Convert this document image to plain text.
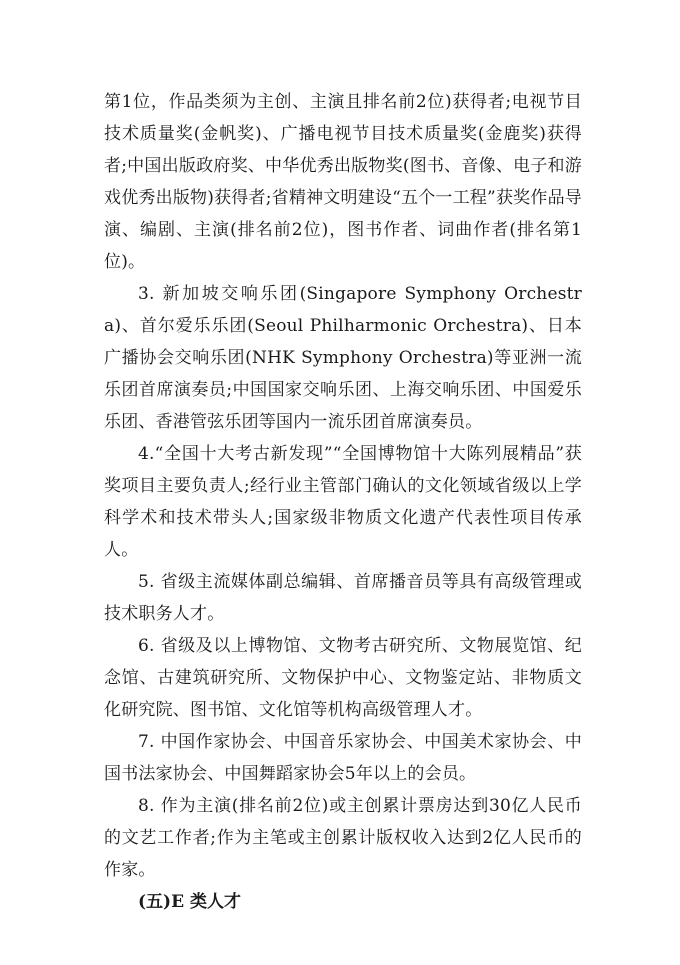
第1位，作品类须为主创、主演且排名前2位)获得者;电视节目技术质量奖(金帆奖)、广播电视节目技术质量奖(金鹿奖)获得者;中国出版政府奖、中华优秀出版物奖(图书、音像、电子和游戏优秀出版物)获得者;省精神文明建设“五个一工程”获奖作品导演、编剧、主演(排名前2位)，图书作者、词曲作者(排名第1位)。

3. 新加坡交响乐团(Singapore Symphony Orchestra)、首尔爱乐乐团(Seoul Philharmonic Orchestra)、日本广播协会交响乐团(NHK Symphony Orchestra)等亚洲一流乐团首席演奏员;中国国家交响乐团、上海交响乐团、中国爱乐乐团、香港管弦乐团等国内一流乐团首席演奏员。

4.“全国十大考古新发现”“全国博物馆十大陈列展精品”获奖项目主要负责人;经行业主管部门确认的文化领域省级以上学科学术和技术带头人;国家级非物质文化遗产代表性项目传承人。

5. 省级主流媒体副总编辑、首席播音员等具有高级管理或技术职务人才。

6. 省级及以上博物馆、文物考古研究所、文物展览馆、纪念馆、古建筑研究所、文物保护中心、文物鉴定站、非物质文化研究院、图书馆、文化馆等机构高级管理人才。

7. 中国作家协会、中国音乐家协会、中国美术家协会、中国书法家协会、中国舞蹈家协会5年以上的会员。

8. 作为主演(排名前2位)或主创累计票房达到30亿人民币的文艺工作者;作为主笔或主创累计版权收入达到2亿人民币的作家。

(五)E 类人才
